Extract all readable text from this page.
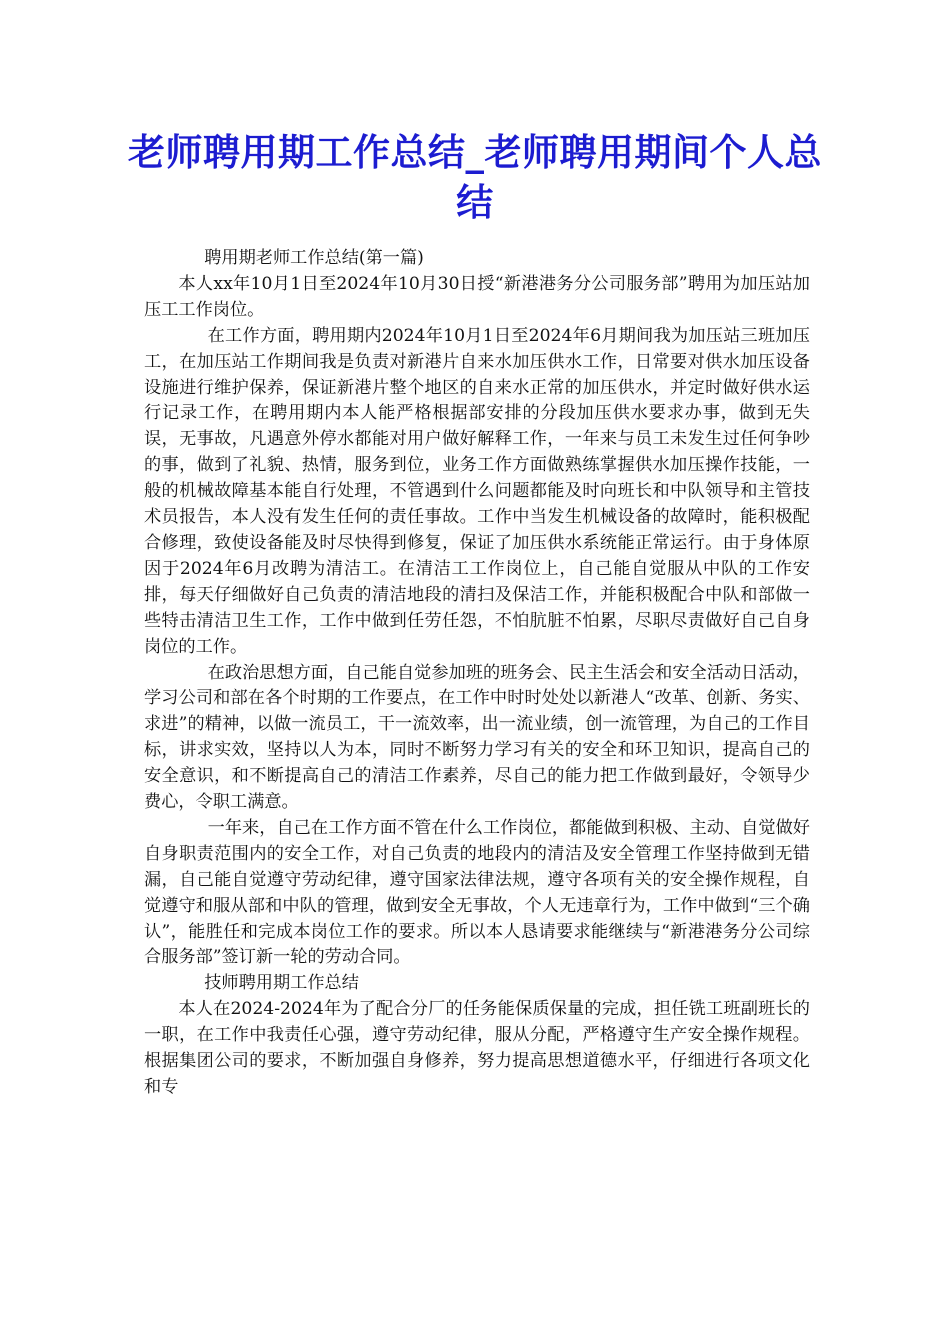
老师聘用期工作总结_老师聘用期间个人总结

聘用期老师工作总结(第一篇)

本人xx年10月1日至2024年10月30日授“新港港务分公司服务部”聘用为加压站加压工工作岗位。

在工作方面，聘用期内2024年10月1日至2024年6月期间我为加压站三班加压工，在加压站工作期间我是负责对新港片自来水加压供水工作，日常要对供水加压设备设施进行维护保养，保证新港片整个地区的自来水正常的加压供水，并定时做好供水运行记录工作，在聘用期内本人能严格根据部安排的分段加压供水要求办事，做到无失误，无事故，凡遇意外停水都能对用户做好解释工作，一年来与员工未发生过任何争吵的事，做到了礼貌、热情，服务到位，业务工作方面做熟练掌握供水加压操作技能，一般的机械故障基本能自行处理，不管遇到什么问题都能及时向班长和中队领导和主管技术员报告，本人没有发生任何的责任事故。工作中当发生机械设备的故障时，能积极配合修理，致使设备能及时尽快得到修复，保证了加压供水系统能正常运行。由于身体原因于2024年6月改聘为清洁工。在清洁工工作岗位上，自己能自觉服从中队的工作安排，每天仔细做好自己负责的清洁地段的清扫及保洁工作，并能积极配合中队和部做一些特击清洁卫生工作，工作中做到任劳任怨，不怕肮脏不怕累，尽职尽责做好自己自身岗位的工作。

在政治思想方面，自己能自觉参加班的班务会、民主生活会和安全活动日活动，学习公司和部在各个时期的工作要点，在工作中时时处处以新港人“改革、创新、务实、求进”的精神，以做一流员工，干一流效率，出一流业绩，创一流管理，为自己的工作目标，讲求实效，坚持以人为本，同时不断努力学习有关的安全和环卫知识，提高自己的安全意识，和不断提高自己的清洁工作素养，尽自己的能力把工作做到最好，令领导少费心，令职工满意。

一年来，自己在工作方面不管在什么工作岗位，都能做到积极、主动、自觉做好自身职责范围内的安全工作，对自己负责的地段内的清洁及安全管理工作坚持做到无错漏，自己能自觉遵守劳动纪律，遵守国家法律法规，遵守各项有关的安全操作规程，自觉遵守和服从部和中队的管理，做到安全无事故，个人无违章行为，工作中做到“三个确认”，能胜任和完成本岗位工作的要求。所以本人恳请要求能继续与“新港港务分公司综合服务部”签订新一轮的劳动合同。

技师聘用期工作总结

本人在2024-2024年为了配合分厂的任务能保质保量的完成，担任铣工班副班长的一职，在工作中我责任心强，遵守劳动纪律，服从分配，严格遵守生产安全操作规程。根据集团公司的要求，不断加强自身修养，努力提高思想道德水平，仔细进行各项文化和专
